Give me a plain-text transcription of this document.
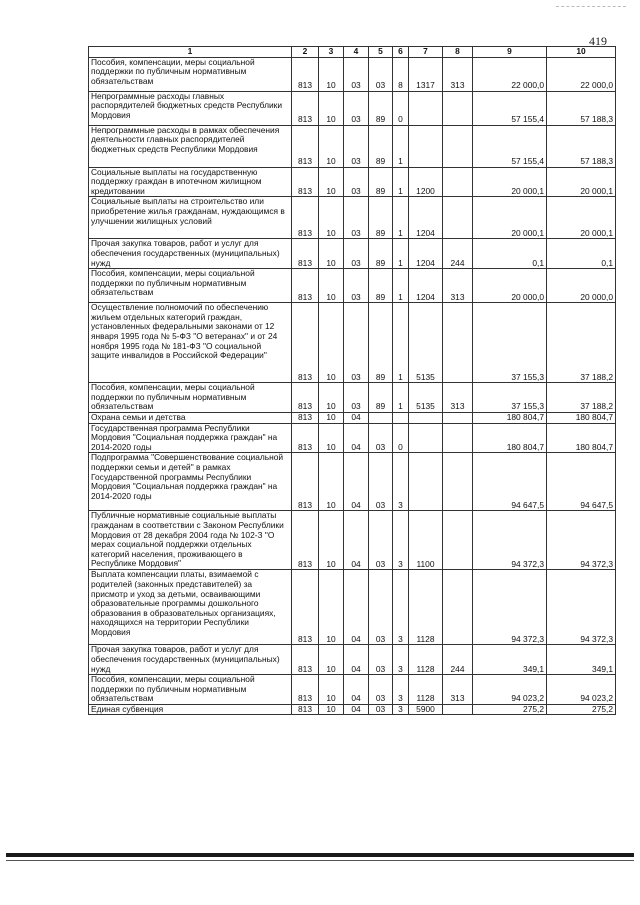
419
1	2	3	4	5	6	7	8	9	10
Пособия, компенсации, меры социальной поддержки по публичным нормативным обязательствам	813	10	03	03	8	1317	313	22 000,0	22 000,0
Непрограммные расходы главных распорядителей бюджетных средств Республики Мордовия	813	10	03	89	0			57 155,4	57 188,3
Непрограммные расходы в рамках обеспечения деятельности главных распорядителей бюджетных средств Республики Мордовия	813	10	03	89	1			57 155,4	57 188,3
Социальные выплаты на государственную поддержку граждан в ипотечном жилищном кредитовании	813	10	03	89	1	1200		20 000,1	20 000,1
Социальные выплаты на строительство или приобретение жилья гражданам, нуждающимся в улучшении жилищных условий	813	10	03	89	1	1204		20 000,1	20 000,1
Прочая закупка товаров, работ и услуг для обеспечения государственных (муниципальных) нужд	813	10	03	89	1	1204	244	0,1	0,1
Пособия, компенсации, меры социальной поддержки по публичным нормативным обязательствам	813	10	03	89	1	1204	313	20 000,0	20 000,0
Осуществление полномочий по обеспечению жильем отдельных категорий граждан, установленных федеральными законами от 12 января 1995 года № 5-ФЗ "О ветеранах" и от 24 ноября 1995 года № 181-ФЗ "О социальной защите инвалидов в Российской Федерации"	813	10	03	89	1	5135		37 155,3	37 188,2
Пособия, компенсации, меры социальной поддержки по публичным нормативным обязательствам	813	10	03	89	1	5135	313	37 155,3	37 188,2
Охрана семьи и детства	813	10	04					180 804,7	180 804,7
Государственная программа Республики Мордовия "Социальная поддержка граждан" на 2014-2020 годы	813	10	04	03	0			180 804,7	180 804,7
Подпрограмма "Совершенствование социальной поддержки семьи и детей" в рамках Государственной программы Республики Мордовия "Социальная поддержка граждан" на 2014-2020 годы	813	10	04	03	3			94 647,5	94 647,5
Публичные нормативные социальные выплаты гражданам в соответствии с Законом Республики Мордовия от 28 декабря 2004 года № 102-З "О мерах социальной поддержки отдельных категорий населения, проживающего в Республике Мордовия"	813	10	04	03	3	1100		94 372,3	94 372,3
Выплата компенсации платы, взимаемой с родителей (законных представителей) за присмотр и уход за детьми, осваивающими образовательные программы дошкольного образования в образовательных организациях, находящихся на территории Республики Мордовия	813	10	04	03	3	1128		94 372,3	94 372,3
Прочая закупка товаров, работ и услуг для обеспечения государственных (муниципальных) нужд	813	10	04	03	3	1128	244	349,1	349,1
Пособия, компенсации, меры социальной поддержки по публичным нормативным обязательствам	813	10	04	03	3	1128	313	94 023,2	94 023,2
Единая субвенция	813	10	04	03	3	5900		275,2	275,2
